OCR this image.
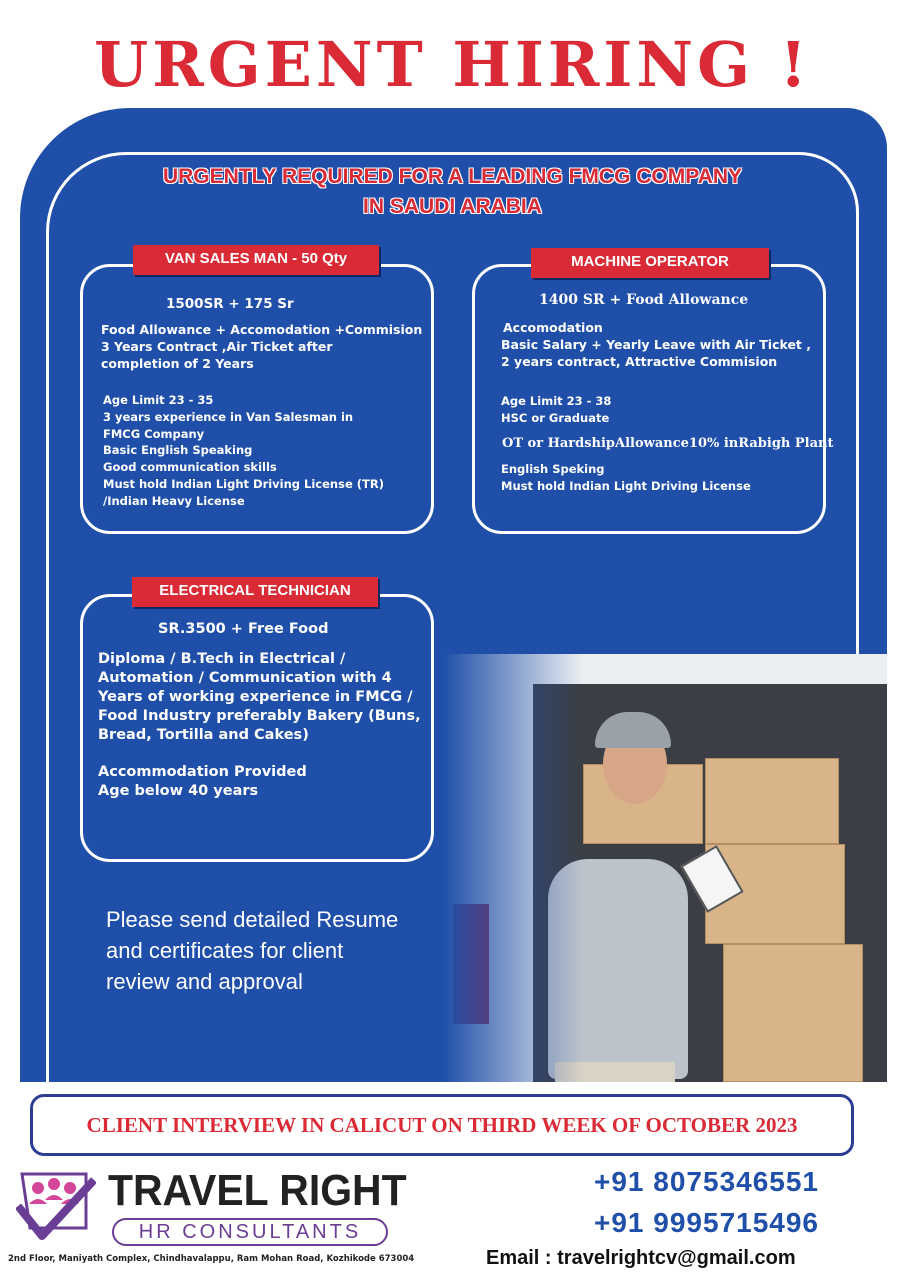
URGENT HIRING !
URGENTLY REQUIRED FOR A LEADING FMCG COMPANY
IN SAUDI ARABIA
VAN SALES MAN - 50 Qty
1500SR + 175 Sr
Food Allowance + Accomodation +Commision
3 Years Contract ,Air Ticket after
completion of 2 Years
Age Limit 23 - 35
3 years experience in Van Salesman in
FMCG Company
Basic English Speaking
Good communication skills
Must hold Indian Light Driving License (TR)
/Indian Heavy License
MACHINE OPERATOR
1400 SR + Food Allowance
Accomodation
Basic Salary + Yearly Leave with Air Ticket ,
2 years contract, Attractive Commision
Age Limit 23 - 38
HSC or Graduate
OT or HardshipAllowance10% inRabigh Plant
English Speking
Must hold Indian Light Driving License
ELECTRICAL TECHNICIAN
SR.3500 + Free Food
Diploma / B.Tech in Electrical /
Automation / Communication with 4
Years of working experience in FMCG /
Food Industry preferably Bakery (Buns,
Bread, Tortilla and Cakes)
Accommodation Provided
Age below 40 years
Please send detailed Resume
and certificates for client
review and approval
CLIENT INTERVIEW IN CALICUT ON THIRD WEEK OF OCTOBER 2023
TRAVEL RIGHT
HR CONSULTANTS
2nd Floor, Maniyath Complex, Chindhavalappu, Ram Mohan Road, Kozhikode 673004
+91 8075346551
+91 9995715496
Email : travelrightcv@gmail.com
